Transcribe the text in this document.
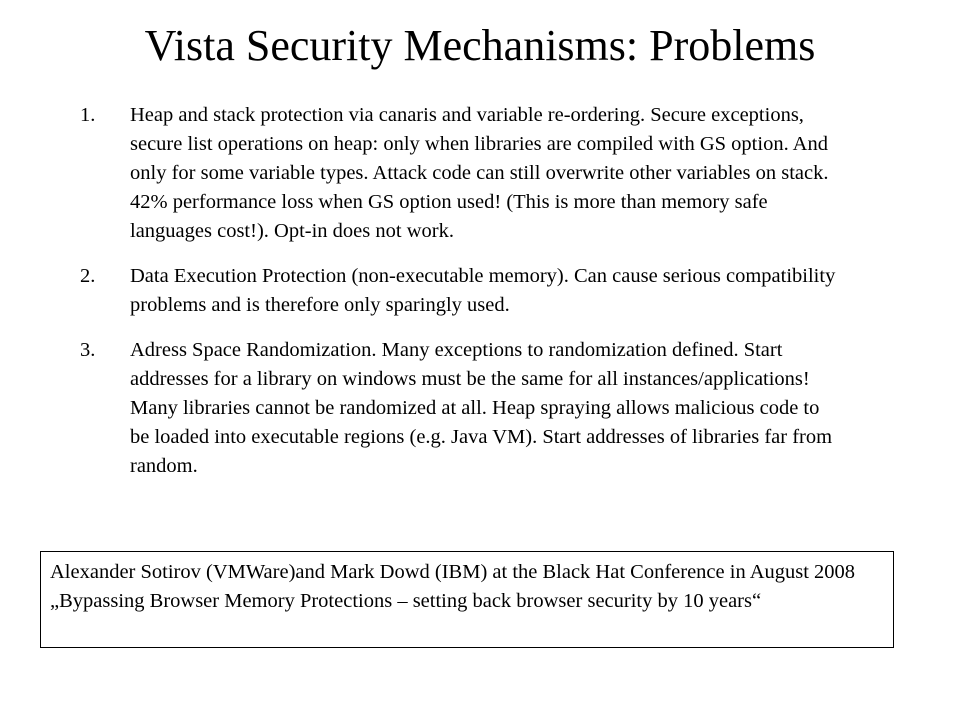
Vista Security Mechanisms: Problems
1.	Heap and stack protection via canaris and variable re-ordering. Secure exceptions, secure list operations on heap: only when libraries are compiled with GS option. And only for some variable types. Attack code can still overwrite other variables on stack. 42% performance loss when GS option used! (This is more than memory safe languages cost!). Opt-in does not work.
2.	Data Execution Protection (non-executable memory). Can cause serious compatibility problems and is therefore only sparingly used.
3.	Adress Space Randomization. Many exceptions to randomization defined. Start addresses for a library on windows must be the same for all instances/applications! Many libraries cannot be randomized at all. Heap spraying allows malicious code to be loaded into executable regions (e.g. Java VM). Start addresses of libraries far from random.
Alexander Sotirov (VMWare)and Mark Dowd (IBM) at the Black Hat Conference in August 2008 „Bypassing Browser Memory Protections – setting back browser security by 10 years“
